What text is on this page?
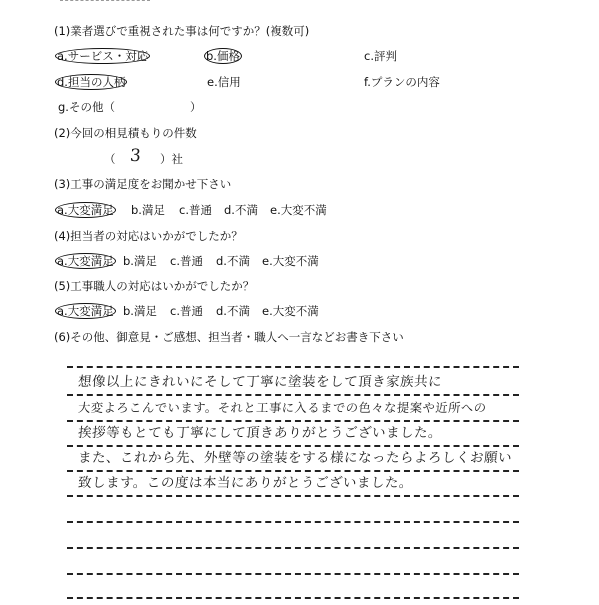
(1)業者選びで重視された事は何ですか？(複数可)
a.サービス・対応	b.価格	c.評判
d.担当の人柄	e.信用	f.プランの内容
g.その他（	）
(2)今回の相見積もりの件数
（ 3 ）社
(3)工事の満足度をお聞かせ下さい
a.大変満足 b.満足 c.普通 d.不満 e.大変不満
(4)担当者の対応はいかがでしたか？
a.大変満足 b.満足 c.普通 d.不満 e.大変不満
(5)工事職人の対応はいかがでしたか？
a.大変満足 b.満足 c.普通 d.不満 e.大変不満
(6)その他、御意見・ご感想、担当者・職人へ一言などお書き下さい
想像以上にきれいにそして丁寧に塗装をして頂き家族共に
大変よろこんでいます。それと工事に入るまでの色々な提案や近所への
挨拶等もとても丁寧にして頂きありがとうございました。
また、これから先、外壁等の塗装をする様になったらよろしくお願い
致します。この度は本当にありがとうございました。
